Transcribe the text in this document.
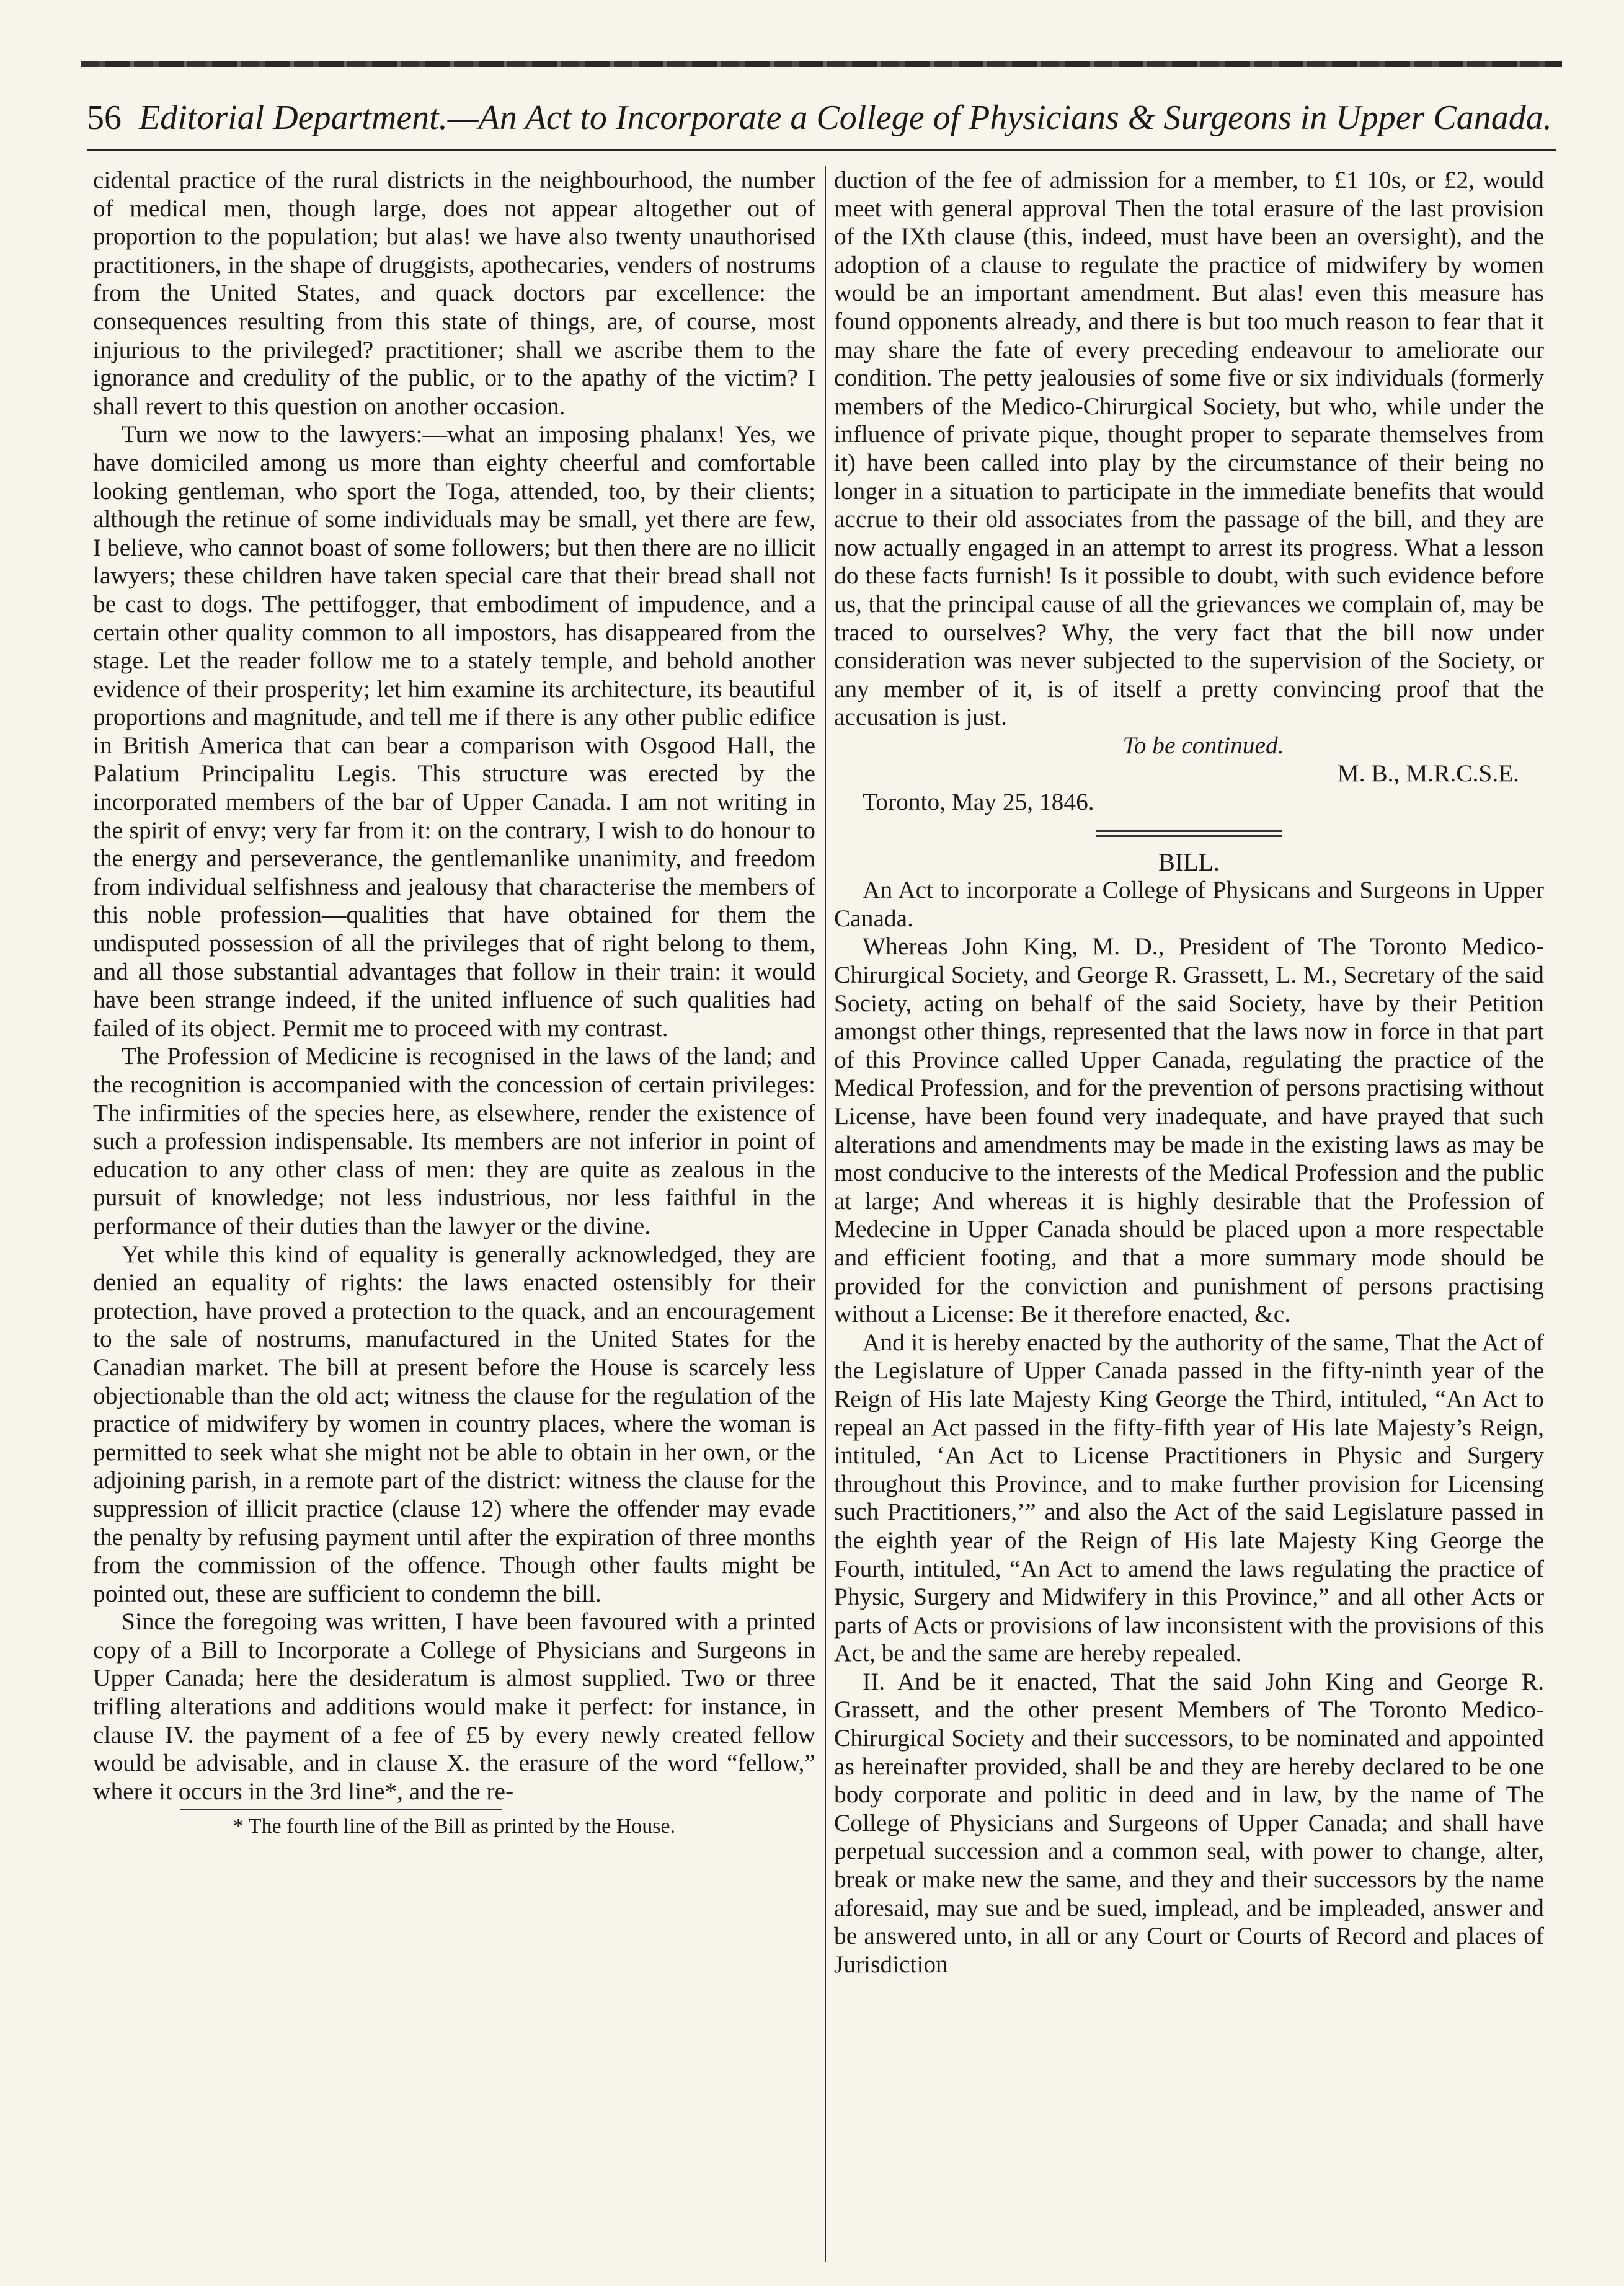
56 Editorial Department.—An Act to Incorporate a College of Physicians & Surgeons in Upper Canada.

cidental practice of the rural districts in the neighbourhood, the number of medical men, though large, does not appear altogether out of proportion to the population; but alas! we have also twenty unauthorised practitioners, in the shape of druggists, apothecaries, venders of nostrums from the United States, and quack doctors par excellence: the consequences resulting from this state of things, are, of course, most injurious to the privileged? practitioner; shall we ascribe them to the ignorance and credulity of the public, or to the apathy of the victim? I shall revert to this question on another occasion.

Turn we now to the lawyers:—what an imposing phalanx! Yes, we have domiciled among us more than eighty cheerful and comfortable looking gentleman, who sport the Toga, attended, too, by their clients; although the retinue of some individuals may be small, yet there are few, I believe, who cannot boast of some followers; but then there are no illicit lawyers; these children have taken special care that their bread shall not be cast to dogs. The pettifogger, that embodiment of impudence, and a certain other quality common to all impostors, has disappeared from the stage. Let the reader follow me to a stately temple, and behold another evidence of their prosperity; let him examine its architecture, its beautiful proportions and magnitude, and tell me if there is any other public edifice in British America that can bear a comparison with Osgood Hall, the Palatium Principalitu Legis. This structure was erected by the incorporated members of the bar of Upper Canada. I am not writing in the spirit of envy; very far from it: on the contrary, I wish to do honour to the energy and perseverance, the gentlemanlike unanimity, and freedom from individual selfishness and jealousy that characterise the members of this noble profession—qualities that have obtained for them the undisputed possession of all the privileges that of right belong to them, and all those substantial advantages that follow in their train: it would have been strange indeed, if the united influence of such qualities had failed of its object. Permit me to proceed with my contrast.

The Profession of Medicine is recognised in the laws of the land; and the recognition is accompanied with the concession of certain privileges: The infirmities of the species here, as elsewhere, render the existence of such a profession indispensable. Its members are not inferior in point of education to any other class of men: they are quite as zealous in the pursuit of knowledge; not less industrious, nor less faithful in the performance of their duties than the lawyer or the divine.

Yet while this kind of equality is generally acknowledged, they are denied an equality of rights: the laws enacted ostensibly for their protection, have proved a protection to the quack, and an encouragement to the sale of nostrums, manufactured in the United States for the Canadian market. The bill at present before the House is scarcely less objectionable than the old act; witness the clause for the regulation of the practice of midwifery by women in country places, where the woman is permitted to seek what she might not be able to obtain in her own, or the adjoining parish, in a remote part of the district: witness the clause for the suppression of illicit practice (clause 12) where the offender may evade the penalty by refusing payment until after the expiration of three months from the commission of the offence. Though other faults might be pointed out, these are sufficient to condemn the bill.

Since the foregoing was written, I have been favoured with a printed copy of a Bill to Incorporate a College of Physicians and Surgeons in Upper Canada; here the desideratum is almost supplied. Two or three trifling alterations and additions would make it perfect: for instance, in clause IV. the payment of a fee of £5 by every newly created fellow would be advisable, and in clause X. the erasure of the word “fellow,” where it occurs in the 3rd line*, and the re-

* The fourth line of the Bill as printed by the House.

duction of the fee of admission for a member, to £1 10s, or £2, would meet with general approval Then the total erasure of the last provision of the IXth clause (this, indeed, must have been an oversight), and the adoption of a clause to regulate the practice of midwifery by women would be an important amendment. But alas! even this measure has found opponents already, and there is but too much reason to fear that it may share the fate of every preceding endeavour to ameliorate our condition. The petty jealousies of some five or six individuals (formerly members of the Medico-Chirurgical Society, but who, while under the influence of private pique, thought proper to separate themselves from it) have been called into play by the circumstance of their being no longer in a situation to participate in the immediate benefits that would accrue to their old associates from the passage of the bill, and they are now actually engaged in an attempt to arrest its progress. What a lesson do these facts furnish! Is it possible to doubt, with such evidence before us, that the principal cause of all the grievances we complain of, may be traced to ourselves? Why, the very fact that the bill now under consideration was never subjected to the supervision of the Society, or any member of it, is of itself a pretty convincing proof that the accusation is just.

To be continued.

M. B., M.R.C.S.E.

Toronto, May 25, 1846.

BILL.

An Act to incorporate a College of Physicans and Surgeons in Upper Canada.

Whereas John King, M. D., President of The Toronto Medico-Chirurgical Society, and George R. Grassett, L. M., Secretary of the said Society, acting on behalf of the said Society, have by their Petition amongst other things, represented that the laws now in force in that part of this Province called Upper Canada, regulating the practice of the Medical Profession, and for the prevention of persons practising without License, have been found very inadequate, and have prayed that such alterations and amendments may be made in the existing laws as may be most conducive to the interests of the Medical Profession and the public at large; And whereas it is highly desirable that the Profession of Medecine in Upper Canada should be placed upon a more respectable and efficient footing, and that a more summary mode should be provided for the conviction and punishment of persons practising without a License: Be it therefore enacted, &c.

And it is hereby enacted by the authority of the same, That the Act of the Legislature of Upper Canada passed in the fifty-ninth year of the Reign of His late Majesty King George the Third, intituled, “An Act to repeal an Act passed in the fifty-fifth year of His late Majesty’s Reign, intituled, ‘An Act to License Practitioners in Physic and Surgery throughout this Province, and to make further provision for Licensing such Practitioners,’” and also the Act of the said Legislature passed in the eighth year of the Reign of His late Majesty King George the Fourth, intituled, “An Act to amend the laws regulating the practice of Physic, Surgery and Midwifery in this Province,” and all other Acts or parts of Acts or provisions of law inconsistent with the provisions of this Act, be and the same are hereby repealed.

II. And be it enacted, That the said John King and George R. Grassett, and the other present Members of The Toronto Medico-Chirurgical Society and their successors, to be nominated and appointed as hereinafter provided, shall be and they are hereby declared to be one body corporate and politic in deed and in law, by the name of The College of Physicians and Surgeons of Upper Canada; and shall have perpetual succession and a common seal, with power to change, alter, break or make new the same, and they and their successors by the name aforesaid, may sue and be sued, implead, and be impleaded, answer and be answered unto, in all or any Court or Courts of Record and places of Jurisdiction
